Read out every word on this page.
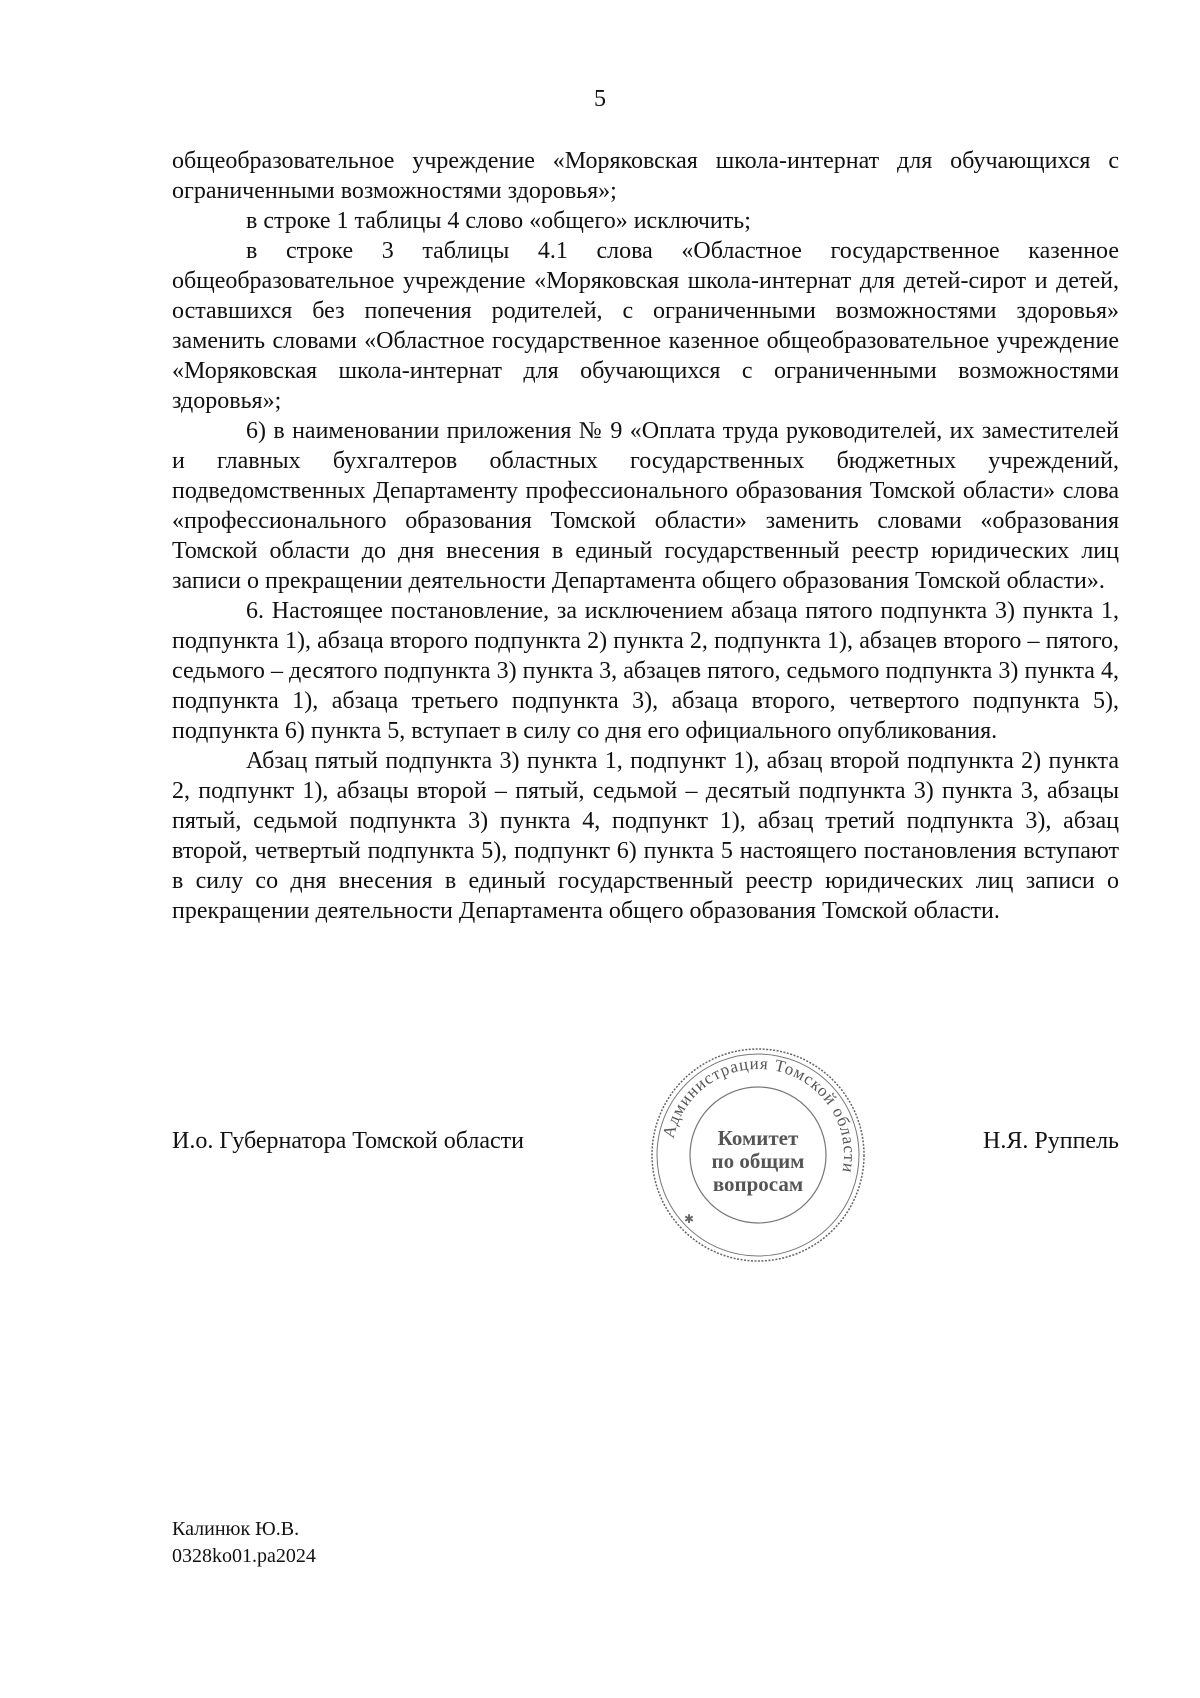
5

общеобразовательное учреждение «Моряковская школа-интернат для обучающихся с ограниченными возможностями здоровья»;

в строке 1 таблицы 4 слово «общего» исключить;

в строке 3 таблицы 4.1 слова «Областное государственное казенное общеобразовательное учреждение «Моряковская школа-интернат для детей-сирот и детей, оставшихся без попечения родителей, с ограниченными возможностями здоровья» заменить словами «Областное государственное казенное общеобразовательное учреждение «Моряковская школа-интернат для обучающихся с ограниченными возможностями здоровья»;

6) в наименовании приложения № 9 «Оплата труда руководителей, их заместителей и главных бухгалтеров областных государственных бюджетных учреждений, подведомственных Департаменту профессионального образования Томской области» слова «профессионального образования Томской области» заменить словами «образования Томской области до дня внесения в единый государственный реестр юридических лиц записи о прекращении деятельности Департамента общего образования Томской области».

6. Настоящее постановление, за исключением абзаца пятого подпункта 3) пункта 1, подпункта 1), абзаца второго подпункта 2) пункта 2, подпункта 1), абзацев второго – пятого, седьмого – десятого подпункта 3) пункта 3, абзацев пятого, седьмого подпункта 3) пункта 4, подпункта 1), абзаца третьего подпункта 3), абзаца второго, четвертого подпункта 5), подпункта 6) пункта 5, вступает в силу со дня его официального опубликования.

Абзац пятый подпункта 3) пункта 1, подпункт 1), абзац второй подпункта 2) пункта 2, подпункт 1), абзацы второй – пятый, седьмой – десятый подпункта 3) пункта 3, абзацы пятый, седьмой подпункта 3) пункта 4, подпункт 1), абзац третий подпункта 3), абзац второй, четвертый подпункта 5), подпункт 6) пункта 5 настоящего постановления вступают в силу со дня внесения в единый государственный реестр юридических лиц записи о прекращении деятельности Департамента общего образования Томской области.

И.о. Губернатора Томской области	Администрация Томской области
Комитет
по общим
вопросам
✱
Н.Я. Руппель
Калинюк Ю.В.
0328ko01.pa2024
